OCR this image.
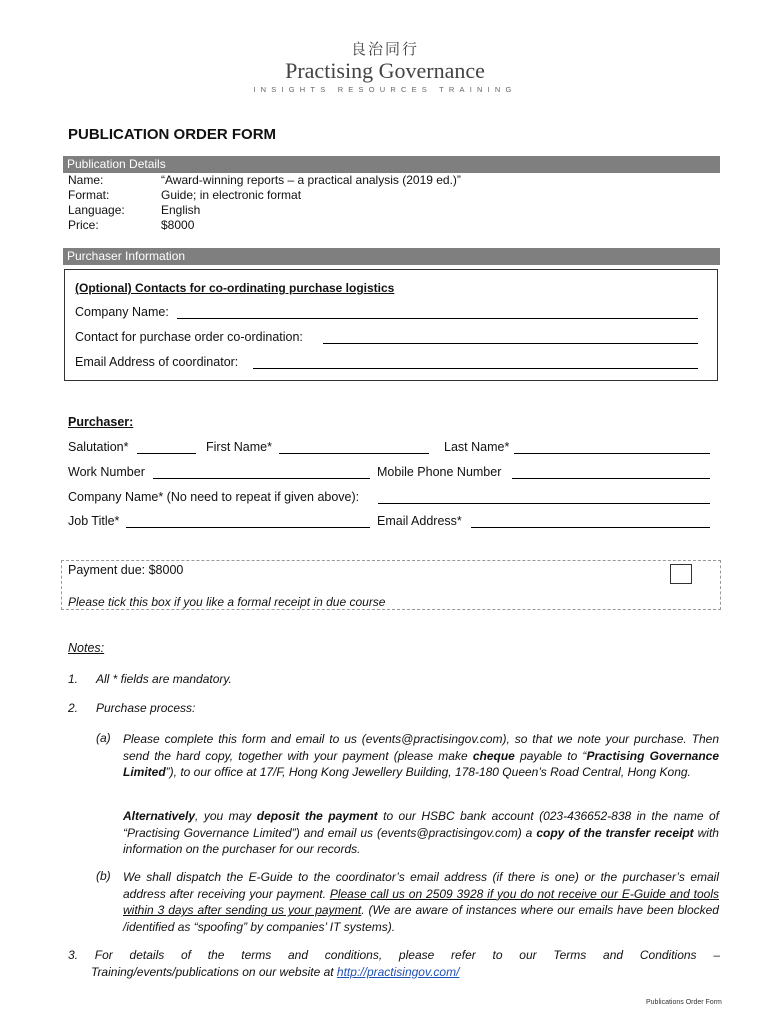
良治同行
Practising Governance
INSIGHTS RESOURCES TRAINING
PUBLICATION ORDER FORM
Publication Details
Name:	“Award-winning reports – a practical analysis (2019 ed.)”
Format:	Guide; in electronic format
Language:	English
Price:	$8000
Purchaser Information
(Optional) Contacts for co-ordinating purchase logistics
Company Name:
Contact for purchase order co-ordination:
Email Address of coordinator:
Purchaser:
Salutation*	First Name*	Last Name*
Work Number	Mobile Phone Number
Company Name* (No need to repeat if given above):
Job Title*	Email Address*
Payment due: $8000
Please tick this box if you like a formal receipt in due course
Notes:
1. All * fields are mandatory.
2. Purchase process:
(a) Please complete this form and email to us (events@practisingov.com), so that we note your purchase. Then send the hard copy, together with your payment (please make cheque payable to “Practising Governance Limited”), to our office at 17/F, Hong Kong Jewellery Building, 178-180 Queen’s Road Central, Hong Kong.

Alternatively, you may deposit the payment to our HSBC bank account (023-436652-838 in the name of “Practising Governance Limited”) and email us (events@practisingov.com) a copy of the transfer receipt with information on the purchaser for our records.

(b) We shall dispatch the E-Guide to the coordinator’s email address (if there is one) or the purchaser’s email address after receiving your payment. Please call us on 2509 3928 if you do not receive our E-Guide and tools within 3 days after sending us your payment. (We are aware of instances where our emails have been blocked /identified as “spoofing” by companies’ IT systems).

3. For details of the terms and conditions, please refer to our Terms and Conditions –
Training/events/publications on our website at http://practisingov.com/

Publications Order Form
